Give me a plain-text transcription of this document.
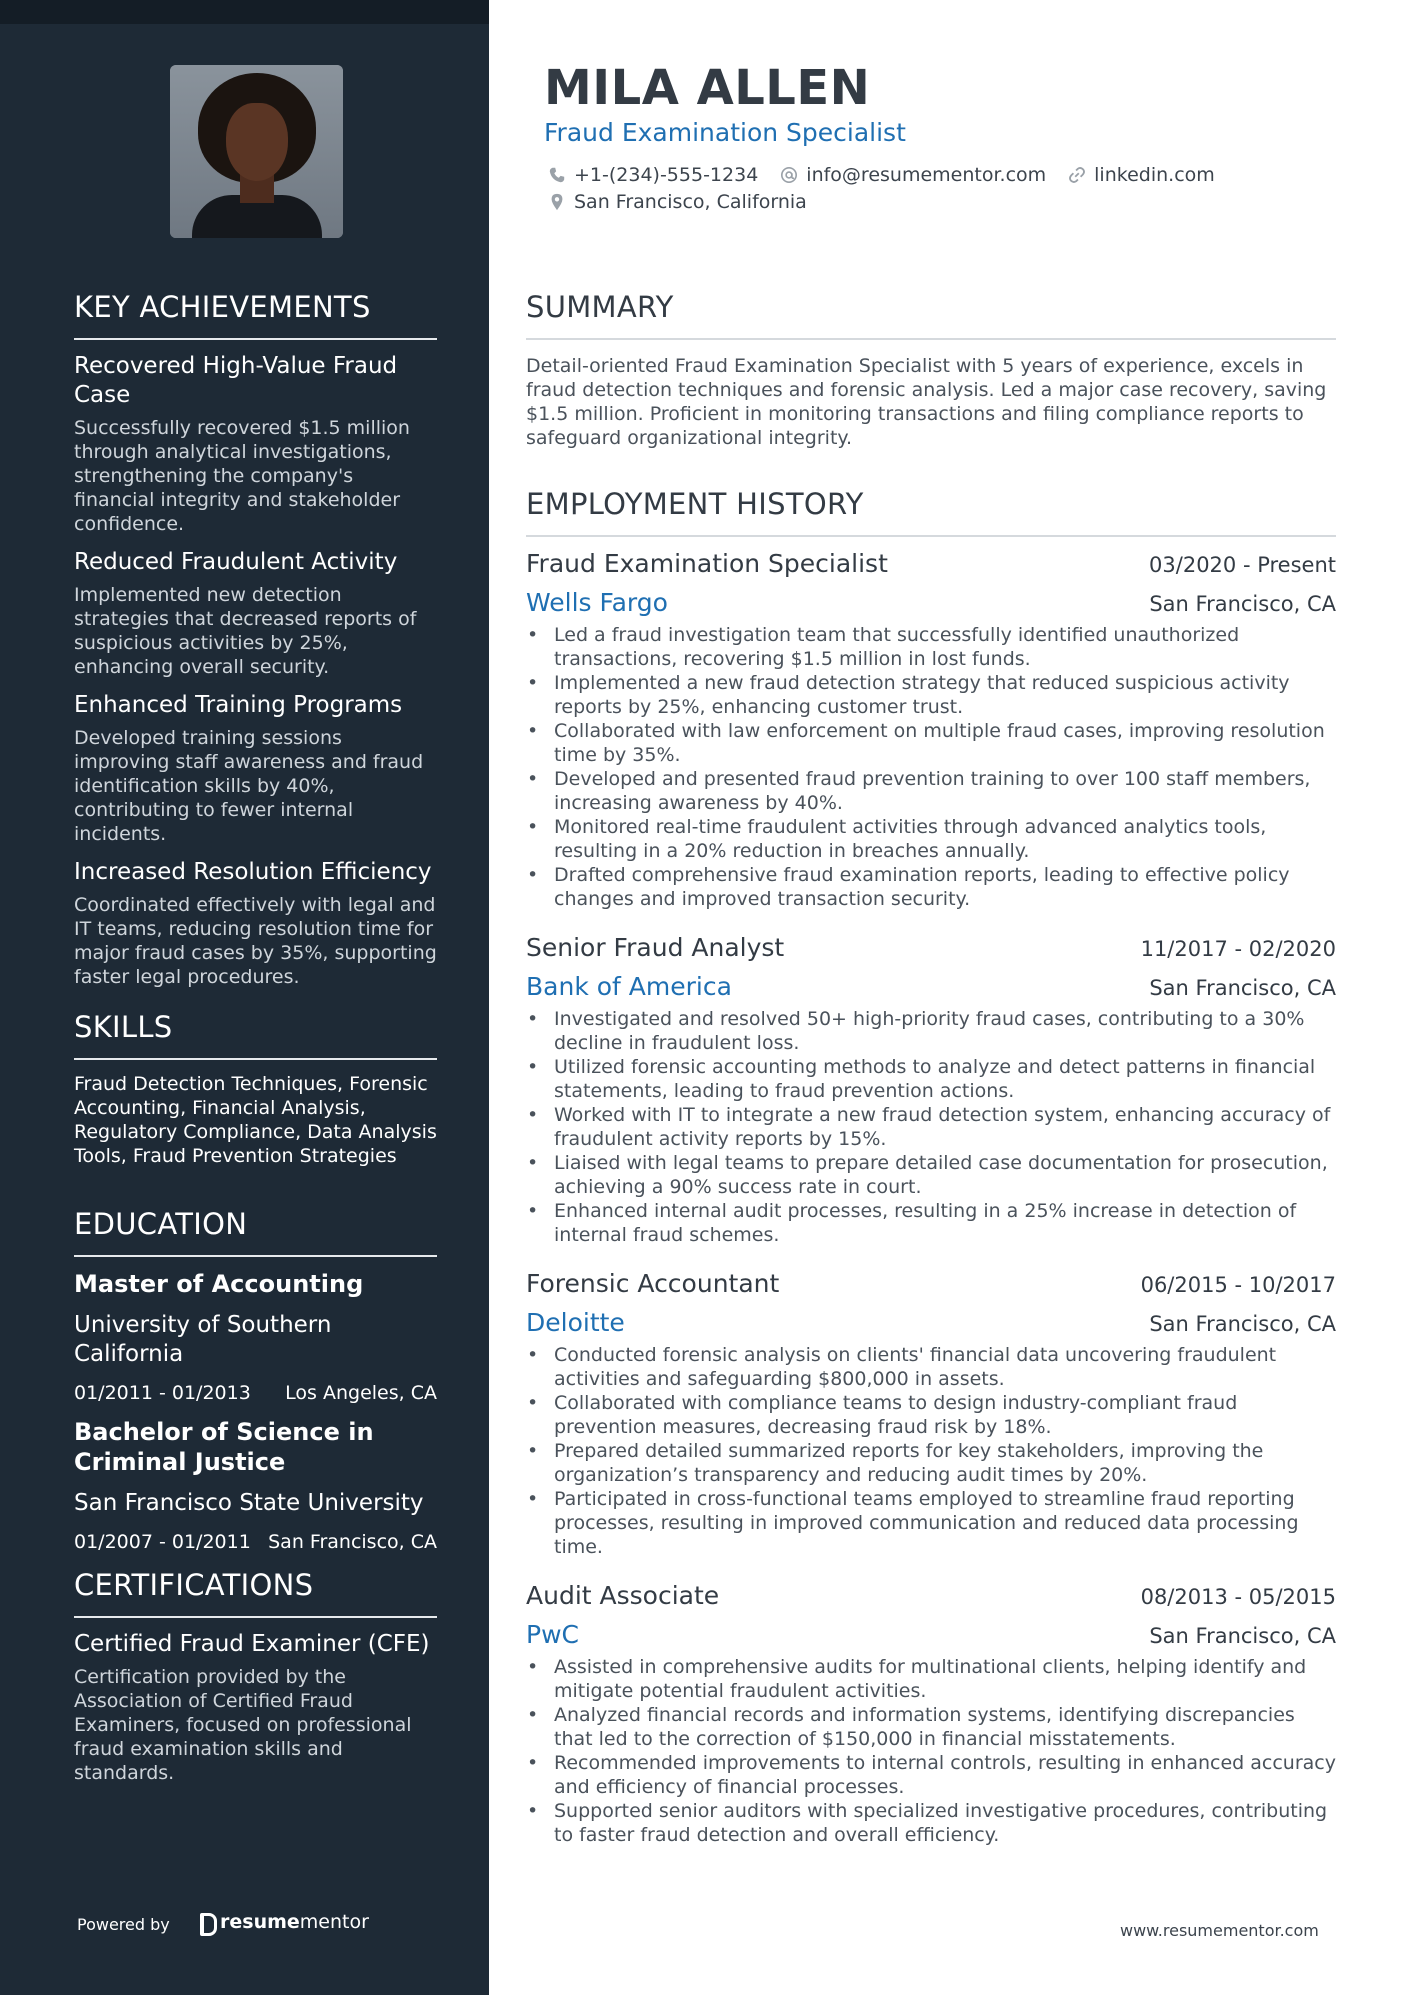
KEY ACHIEVEMENTS
Recovered High-Value Fraud Case
Successfully recovered $1.5 million through analytical investigations, strengthening the company's financial integrity and stakeholder confidence.
Reduced Fraudulent Activity
Implemented new detection strategies that decreased reports of suspicious activities by 25%, enhancing overall security.
Enhanced Training Programs
Developed training sessions improving staff awareness and fraud identification skills by 40%, contributing to fewer internal incidents.
Increased Resolution Efficiency
Coordinated effectively with legal and IT teams, reducing resolution time for major fraud cases by 35%, supporting faster legal procedures.
SKILLS
Fraud Detection Techniques, Forensic Accounting, Financial Analysis, Regulatory Compliance, Data Analysis Tools, Fraud Prevention Strategies
EDUCATION
Master of Accounting
University of Southern California
01/2011 - 01/2013 Los Angeles, CA
Bachelor of Science in Criminal Justice
San Francisco State University
01/2007 - 01/2011 San Francisco, CA
CERTIFICATIONS
Certified Fraud Examiner (CFE)
Certification provided by the Association of Certified Fraud Examiners, focused on professional fraud examination skills and standards.
Powered by	resumementor
MILA ALLEN
Fraud Examination Specialist
+1-(234)-555-1234	info@resumementor.com	linkedin.com
San Francisco, California
SUMMARY
Detail-oriented Fraud Examination Specialist with 5 years of experience, excels in fraud detection techniques and forensic analysis. Led a major case recovery, saving $1.5 million. Proficient in monitoring transactions and filing compliance reports to safeguard organizational integrity.
EMPLOYMENT HISTORY
Fraud Examination Specialist	03/2020 - Present
Wells Fargo	San Francisco, CA
• Led a fraud investigation team that successfully identified unauthorized transactions, recovering $1.5 million in lost funds.
• Implemented a new fraud detection strategy that reduced suspicious activity reports by 25%, enhancing customer trust.
• Collaborated with law enforcement on multiple fraud cases, improving resolution time by 35%.
• Developed and presented fraud prevention training to over 100 staff members, increasing awareness by 40%.
• Monitored real-time fraudulent activities through advanced analytics tools, resulting in a 20% reduction in breaches annually.
• Drafted comprehensive fraud examination reports, leading to effective policy changes and improved transaction security.
Senior Fraud Analyst	11/2017 - 02/2020
Bank of America	San Francisco, CA
• Investigated and resolved 50+ high-priority fraud cases, contributing to a 30% decline in fraudulent loss.
• Utilized forensic accounting methods to analyze and detect patterns in financial statements, leading to fraud prevention actions.
• Worked with IT to integrate a new fraud detection system, enhancing accuracy of fraudulent activity reports by 15%.
• Liaised with legal teams to prepare detailed case documentation for prosecution, achieving a 90% success rate in court.
• Enhanced internal audit processes, resulting in a 25% increase in detection of internal fraud schemes.
Forensic Accountant	06/2015 - 10/2017
Deloitte	San Francisco, CA
• Conducted forensic analysis on clients' financial data uncovering fraudulent activities and safeguarding $800,000 in assets.
• Collaborated with compliance teams to design industry-compliant fraud prevention measures, decreasing fraud risk by 18%.
• Prepared detailed summarized reports for key stakeholders, improving the organization’s transparency and reducing audit times by 20%.
• Participated in cross-functional teams employed to streamline fraud reporting processes, resulting in improved communication and reduced data processing time.
Audit Associate	08/2013 - 05/2015
PwC	San Francisco, CA
• Assisted in comprehensive audits for multinational clients, helping identify and mitigate potential fraudulent activities.
• Analyzed financial records and information systems, identifying discrepancies that led to the correction of $150,000 in financial misstatements.
• Recommended improvements to internal controls, resulting in enhanced accuracy and efficiency of financial processes.
• Supported senior auditors with specialized investigative procedures, contributing to faster fraud detection and overall efficiency.
www.resumementor.com
